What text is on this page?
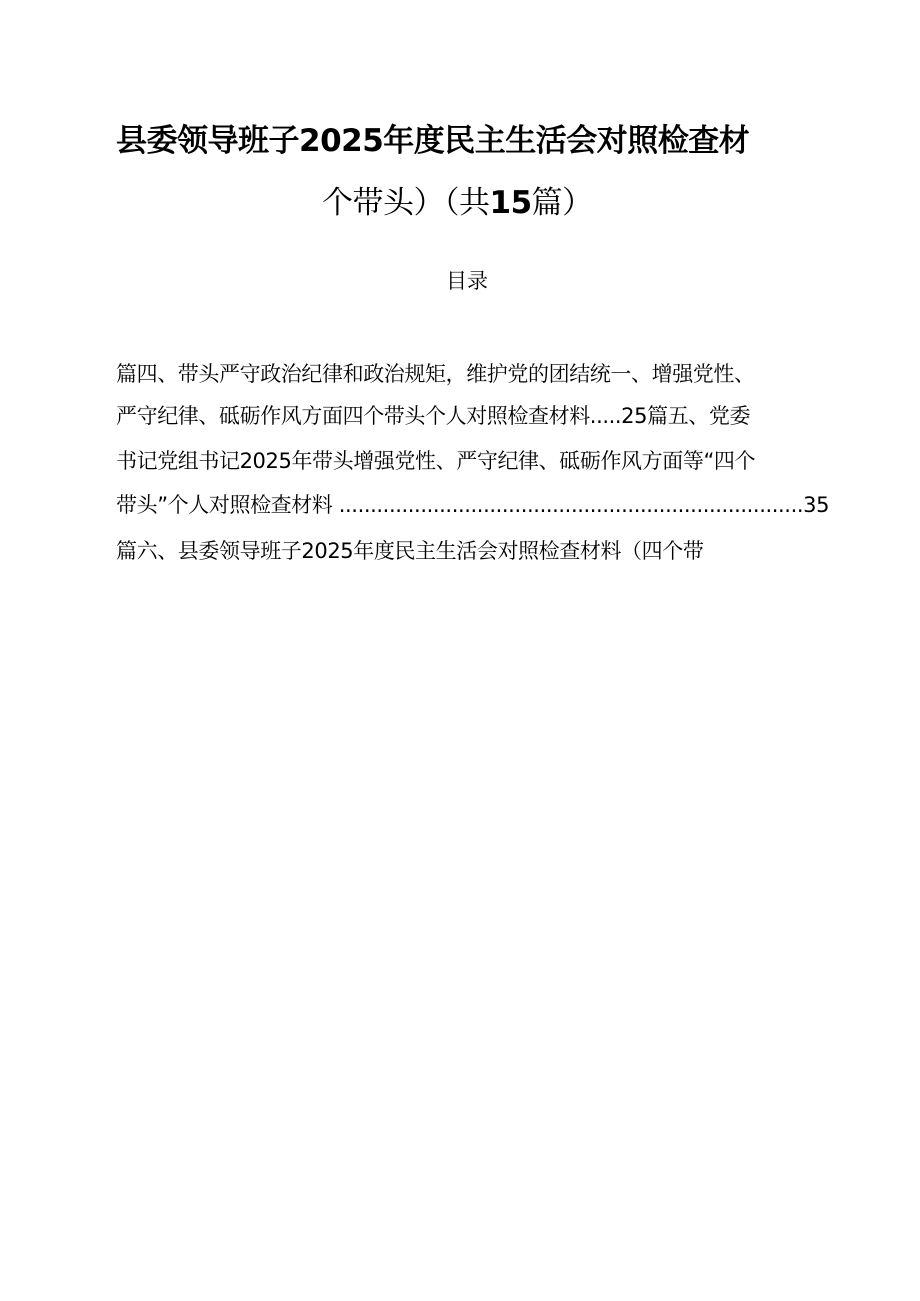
县委领导班子2025年度民主生活会对照检查材
个带头）（共15篇）
目录
篇四、带头严守政治纪律和政治规矩，维护党的团结统一、增强党性、
严守纪律、砥砺作风方面四个带头个人对照检查材料.....25篇五、党委
书记党组书记2025年带头增强党性、严守纪律、砥砺作风方面等“四个
带头”个人对照检查材料 ..........................................................................35
篇六、县委领导班子2025年度民主生活会对照检查材料（四个带
